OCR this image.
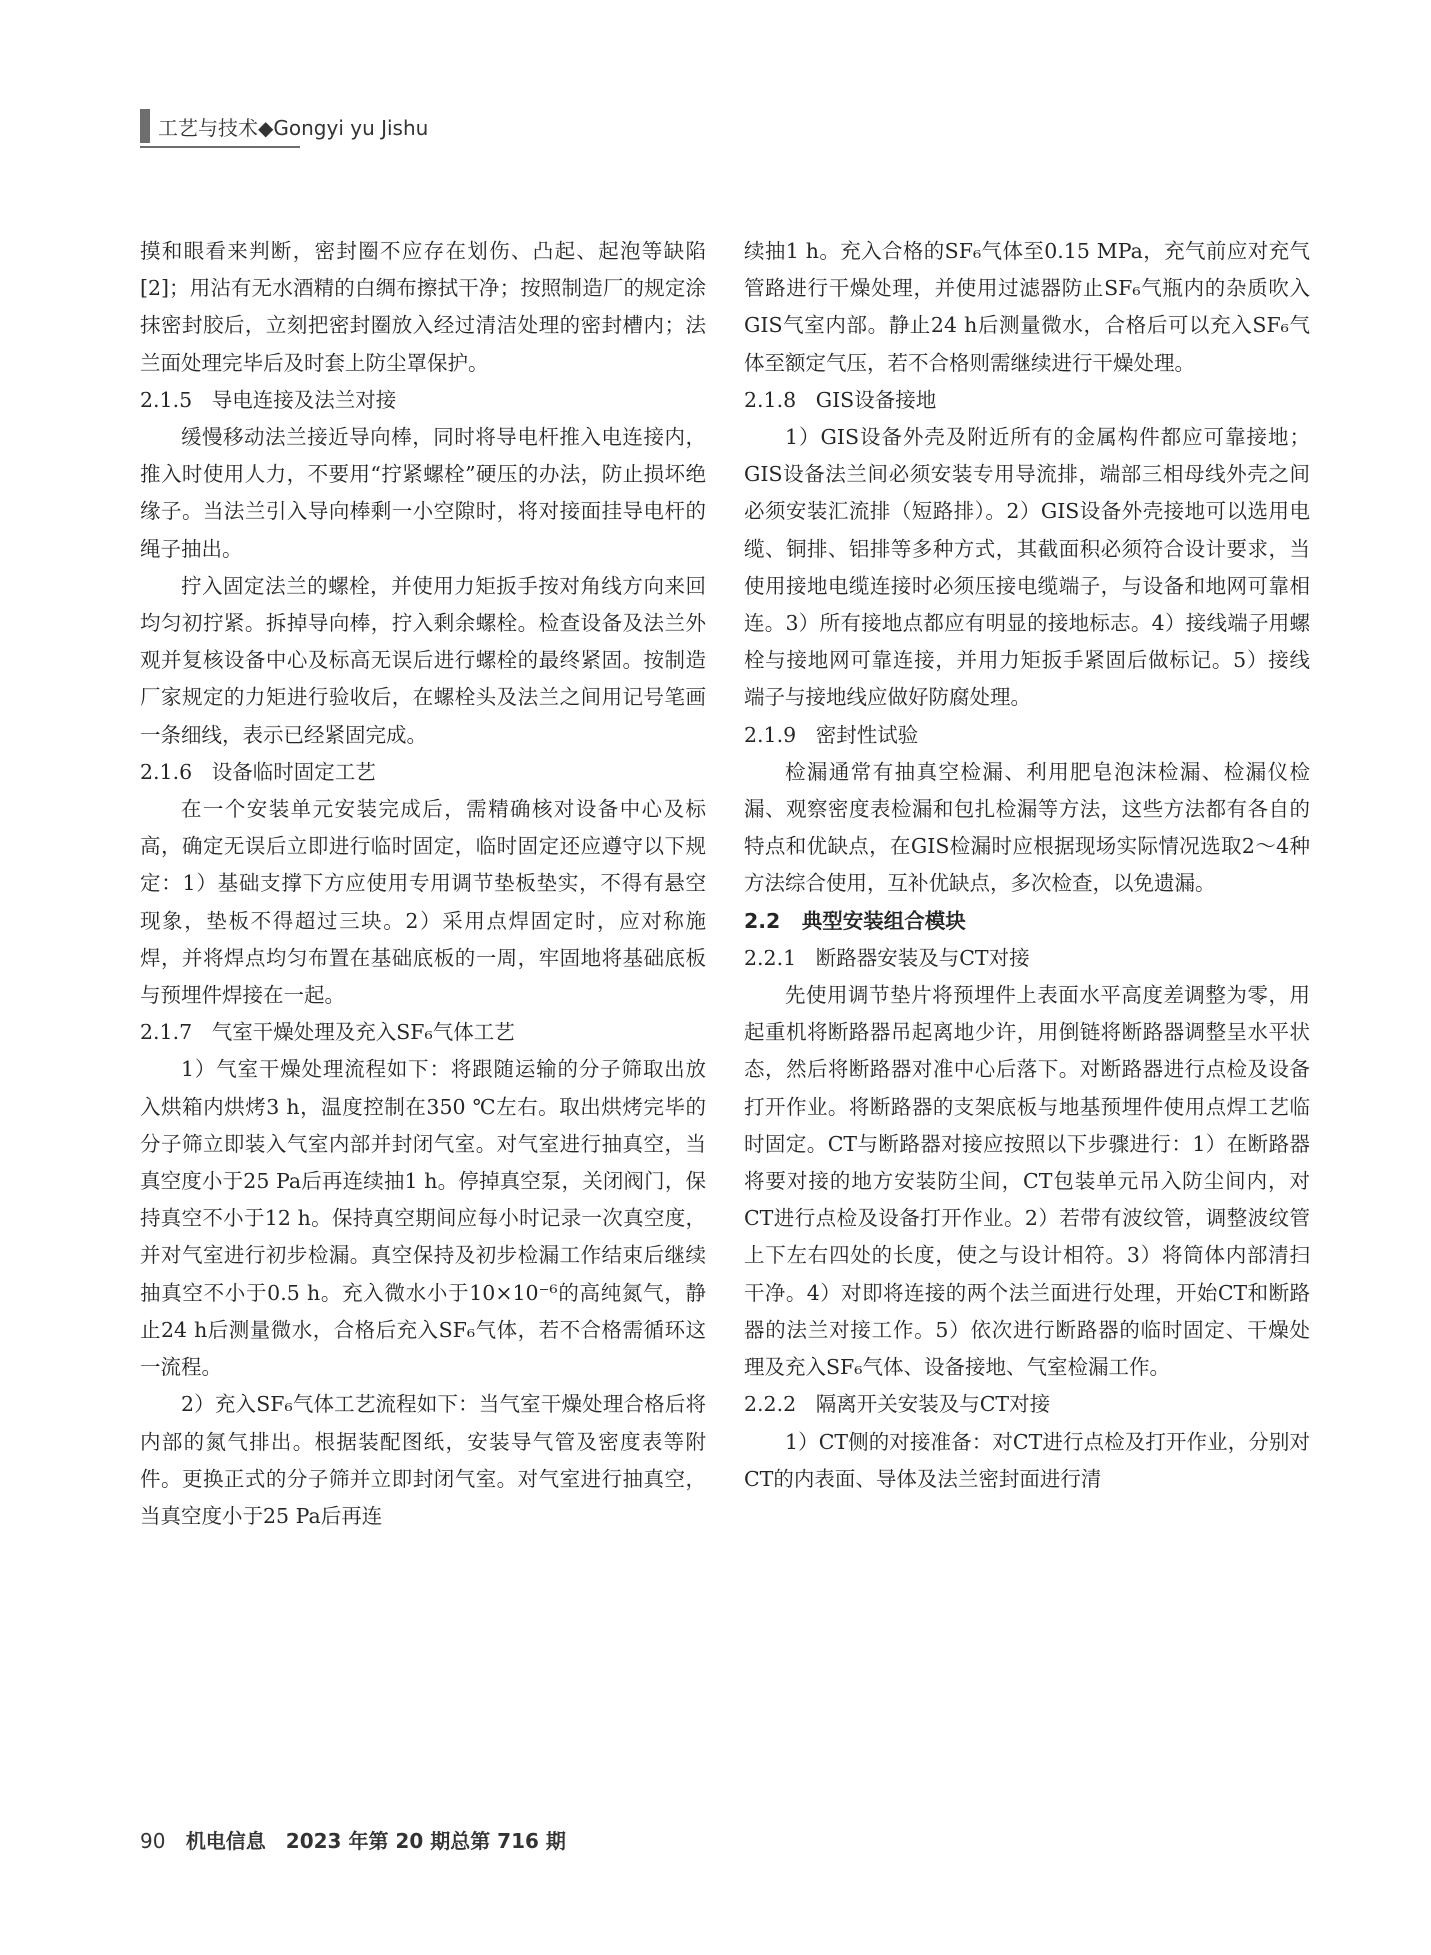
工艺与技术◆Gongyi yu Jishu

摸和眼看来判断，密封圈不应存在划伤、凸起、起泡等缺陷[2]；用沾有无水酒精的白绸布擦拭干净；按照制造厂的规定涂抹密封胶后，立刻把密封圈放入经过清洁处理的密封槽内；法兰面处理完毕后及时套上防尘罩保护。

2.1.5   导电连接及法兰对接

缓慢移动法兰接近导向棒，同时将导电杆推入电连接内，推入时使用人力，不要用“拧紧螺栓”硬压的办法，防止损坏绝缘子。当法兰引入导向棒剩一小空隙时，将对接面挂导电杆的绳子抽出。

拧入固定法兰的螺栓，并使用力矩扳手按对角线方向来回均匀初拧紧。拆掉导向棒，拧入剩余螺栓。检查设备及法兰外观并复核设备中心及标高无误后进行螺栓的最终紧固。按制造厂家规定的力矩进行验收后，在螺栓头及法兰之间用记号笔画一条细线，表示已经紧固完成。

2.1.6   设备临时固定工艺

在一个安装单元安装完成后，需精确核对设备中心及标高，确定无误后立即进行临时固定，临时固定还应遵守以下规定：1）基础支撑下方应使用专用调节垫板垫实，不得有悬空现象，垫板不得超过三块。2）采用点焊固定时，应对称施焊，并将焊点均匀布置在基础底板的一周，牢固地将基础底板与预埋件焊接在一起。

2.1.7   气室干燥处理及充入SF₆气体工艺

1）气室干燥处理流程如下：将跟随运输的分子筛取出放入烘箱内烘烤3 h，温度控制在350 ℃左右。取出烘烤完毕的分子筛立即装入气室内部并封闭气室。对气室进行抽真空，当真空度小于25 Pa后再连续抽1 h。停掉真空泵，关闭阀门，保持真空不小于12 h。保持真空期间应每小时记录一次真空度，并对气室进行初步检漏。真空保持及初步检漏工作结束后继续抽真空不小于0.5 h。充入微水小于10×10⁻⁶的高纯氮气，静止24 h后测量微水，合格后充入SF₆气体，若不合格需循环这一流程。

2）充入SF₆气体工艺流程如下：当气室干燥处理合格后将内部的氮气排出。根据装配图纸，安装导气管及密度表等附件。更换正式的分子筛并立即封闭气室。对气室进行抽真空，当真空度小于25 Pa后再连

续抽1 h。充入合格的SF₆气体至0.15 MPa，充气前应对充气管路进行干燥处理，并使用过滤器防止SF₆气瓶内的杂质吹入GIS气室内部。静止24 h后测量微水，合格后可以充入SF₆气体至额定气压，若不合格则需继续进行干燥处理。

2.1.8   GIS设备接地

1）GIS设备外壳及附近所有的金属构件都应可靠接地；GIS设备法兰间必须安装专用导流排，端部三相母线外壳之间必须安装汇流排（短路排）。2）GIS设备外壳接地可以选用电缆、铜排、铝排等多种方式，其截面积必须符合设计要求，当使用接地电缆连接时必须压接电缆端子，与设备和地网可靠相连。3）所有接地点都应有明显的接地标志。4）接线端子用螺栓与接地网可靠连接，并用力矩扳手紧固后做标记。5）接线端子与接地线应做好防腐处理。

2.1.9   密封性试验

检漏通常有抽真空检漏、利用肥皂泡沫检漏、检漏仪检漏、观察密度表检漏和包扎检漏等方法，这些方法都有各自的特点和优缺点，在GIS检漏时应根据现场实际情况选取2～4种方法综合使用，互补优缺点，多次检查，以免遗漏。

2.2   典型安装组合模块
2.2.1   断路器安装及与CT对接

先使用调节垫片将预埋件上表面水平高度差调整为零，用起重机将断路器吊起离地少许，用倒链将断路器调整呈水平状态，然后将断路器对准中心后落下。对断路器进行点检及设备打开作业。将断路器的支架底板与地基预埋件使用点焊工艺临时固定。CT与断路器对接应按照以下步骤进行：1）在断路器将要对接的地方安装防尘间，CT包装单元吊入防尘间内，对CT进行点检及设备打开作业。2）若带有波纹管，调整波纹管上下左右四处的长度，使之与设计相符。3）将筒体内部清扫干净。4）对即将连接的两个法兰面进行处理，开始CT和断路器的法兰对接工作。5）依次进行断路器的临时固定、干燥处理及充入SF₆气体、设备接地、气室检漏工作。

2.2.2   隔离开关安装及与CT对接

1）CT侧的对接准备：对CT进行点检及打开作业，分别对CT的内表面、导体及法兰密封面进行清

90 机电信息　2023 年第 20 期总第 716 期
